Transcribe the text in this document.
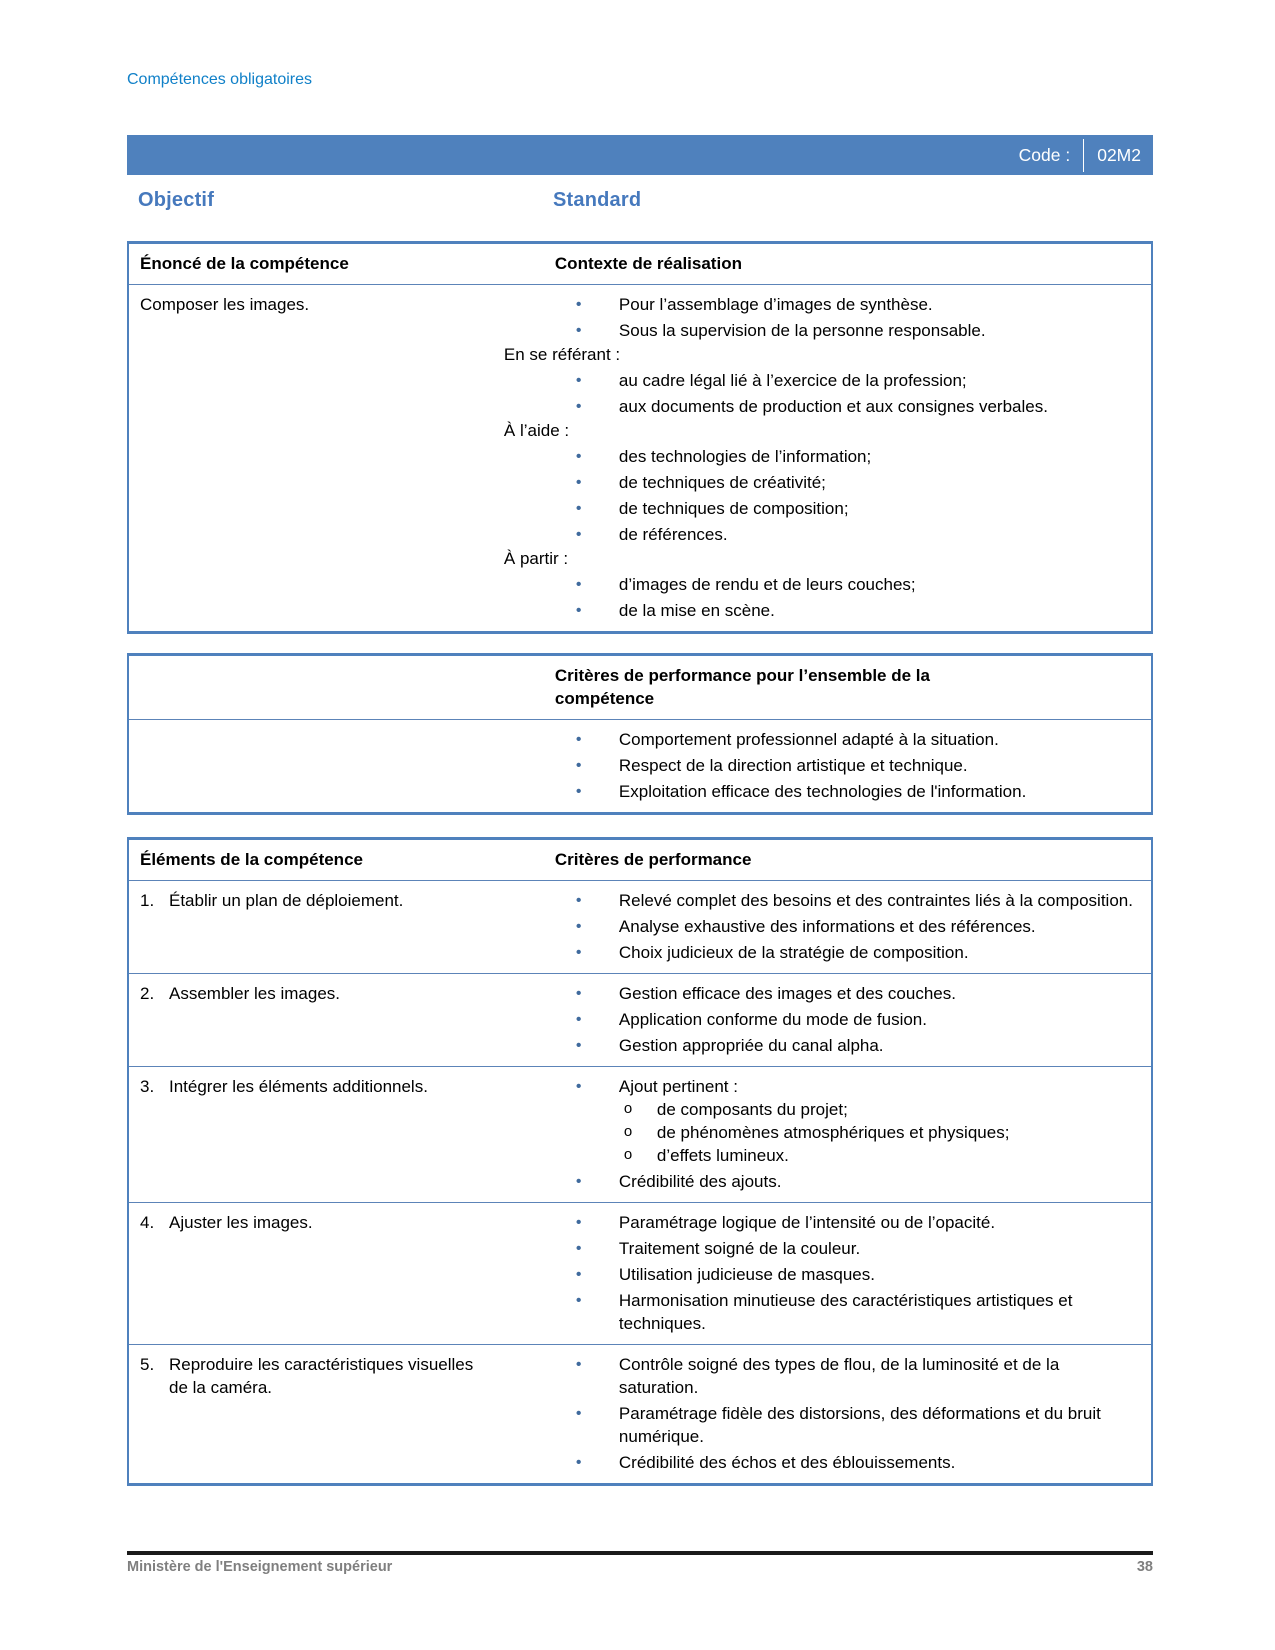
Compétences obligatoires
Code : 02M2
Objectif	Standard
Énoncé de la compétence	Contexte de réalisation
Composer les images.	• Pour l’assemblage d’images de synthèse.
• Sous la supervision de la personne responsable.
En se référant :
• au cadre légal lié à l’exercice de la profession;
• aux documents de production et aux consignes verbales.
À l’aide :
• des technologies de l’information;
• de techniques de créativité;
• de techniques de composition;
• de références.
À partir :
• d’images de rendu et de leurs couches;
• de la mise en scène.
Critères de performance pour l’ensemble de la compétence
• Comportement professionnel adapté à la situation.
• Respect de la direction artistique et technique.
• Exploitation efficace des technologies de l'information.
Éléments de la compétence	Critères de performance
1. Établir un plan de déploiement.	• Relevé complet des besoins et des contraintes liés à la composition.
• Analyse exhaustive des informations et des références.
• Choix judicieux de la stratégie de composition.
2. Assembler les images.	• Gestion efficace des images et des couches.
• Application conforme du mode de fusion.
• Gestion appropriée du canal alpha.
3. Intégrer les éléments additionnels.	• Ajout pertinent :
o de composants du projet;
o de phénomènes atmosphériques et physiques;
o d’effets lumineux.
• Crédibilité des ajouts.
4. Ajuster les images.	• Paramétrage logique de l’intensité ou de l’opacité.
• Traitement soigné de la couleur.
• Utilisation judicieuse de masques.
• Harmonisation minutieuse des caractéristiques artistiques et techniques.
5. Reproduire les caractéristiques visuelles de la caméra.
• Contrôle soigné des types de flou, de la luminosité et de la saturation.
• Paramétrage fidèle des distorsions, des déformations et du bruit numérique.
• Crédibilité des échos et des éblouissements.
Ministère de l'Enseignement supérieur	38
